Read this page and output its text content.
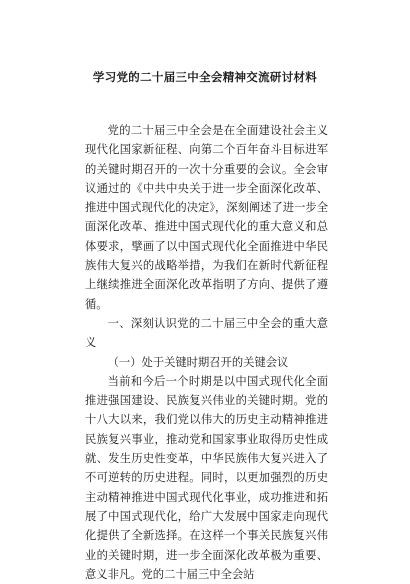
学习党的二十届三中全会精神交流研讨材料

党的二十届三中全会是在全面建设社会主义现代化国家新征程、向第二个百年奋斗目标进军的关键时期召开的一次十分重要的会议。全会审议通过的《中共中央关于进一步全面深化改革、推进中国式现代化的决定》，深刻阐述了进一步全面深化改革、推进中国式现代化的重大意义和总体要求，擘画了以中国式现代化全面推进中华民族伟大复兴的战略举措，为我们在新时代新征程上继续推进全面深化改革指明了方向、提供了遵循。

一、深刻认识党的二十届三中全会的重大意义

（一）处于关键时期召开的关键会议

当前和今后一个时期是以中国式现代化全面推进强国建设、民族复兴伟业的关键时期。党的十八大以来，我们党以伟大的历史主动精神推进民族复兴事业，推动党和国家事业取得历史性成就、发生历史性变革，中华民族伟大复兴进入了不可逆转的历史进程。同时，以更加强烈的历史主动精神推进中国式现代化事业，成功推进和拓展了中国式现代化，给广大发展中国家走向现代化提供了全新选择。在这样一个事关民族复兴伟业的关键时期，进一步全面深化改革极为重要、意义非凡。党的二十届三中全会站
